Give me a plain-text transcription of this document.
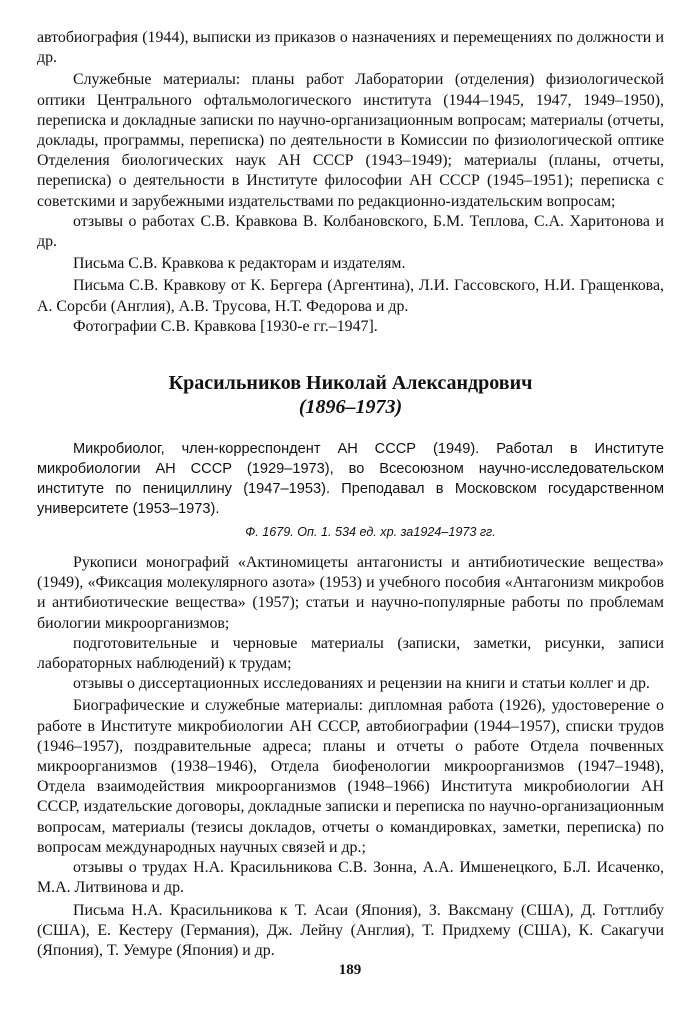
автобиография (1944), выписки из приказов о назначениях и перемещениях по должности и др.

Служебные материалы: планы работ Лаборатории (отделения) физиологической оптики Центрального офтальмологического института (1944–1945, 1947, 1949–1950), переписка и докладные записки по научно-организационным вопросам; материалы (отчеты, доклады, программы, переписка) по деятельности в Комиссии по физиологической оптике Отделения биологических наук АН СССР (1943–1949); материалы (планы, отчеты, переписка) о деятельности в Институте философии АН СССР (1945–1951); переписка с советскими и зарубежными издательствами по редакционно-издательским вопросам;

отзывы о работах С.В. Кравкова В. Колбановского, Б.М. Теплова, С.А. Харитонова и др.

Письма С.В. Кравкова к редакторам и издателям.

Письма С.В. Кравкову от К. Бергера (Аргентина), Л.И. Гассовского, Н.И. Гращенкова, А. Сорсби (Англия), А.В. Трусова, Н.Т. Федорова и др.

Фотографии С.В. Кравкова [1930-е гг.–1947].

Красильников Николай Александрович
(1896–1973)

Микробиолог, член-корреспондент АН СССР (1949). Работал в Институте микробиологии АН СССР (1929–1973), во Всесоюзном научно-исследовательском институте по пенициллину (1947–1953). Преподавал в Московском государственном университете (1953–1973).

Ф. 1679. Оп. 1. 534 ед. хр. за1924–1973 гг.

Рукописи монографий «Актиномицеты антагонисты и антибиотические вещества» (1949), «Фиксация молекулярного азота» (1953) и учебного пособия «Антагонизм микробов и антибиотические вещества» (1957); статьи и научно-популярные работы по проблемам биологии микроорганизмов;

подготовительные и черновые материалы (записки, заметки, рисунки, записи лабораторных наблюдений) к трудам;

отзывы о диссертационных исследованиях и рецензии на книги и статьи коллег и др.

Биографические и служебные материалы: дипломная работа (1926), удостоверение о работе в Институте микробиологии АН СССР, автобиографии (1944–1957), списки трудов (1946–1957), поздравительные адреса; планы и отчеты о работе Отдела почвенных микроорганизмов (1938–1946), Отдела биофенологии микроорганизмов (1947–1948), Отдела взаимодействия микроорганизмов (1948–1966) Института микробиологии АН СССР, издательские договоры, докладные записки и переписка по научно-организационным вопросам, материалы (тезисы докладов, отчеты о командировках, заметки, переписка) по вопросам международных научных связей и др.;

отзывы о трудах Н.А. Красильникова С.В. Зонна, А.А. Имшенецкого, Б.Л. Исаченко, М.А. Литвинова и др.

Письма Н.А. Красильникова к Т. Асаи (Япония), З. Ваксману (США), Д. Готтлибу (США), Е. Кестеру (Германия), Дж. Лейну (Англия), Т. Придхему (США), К. Сакагучи (Япония), Т. Уемуре (Япония) и др.

189
